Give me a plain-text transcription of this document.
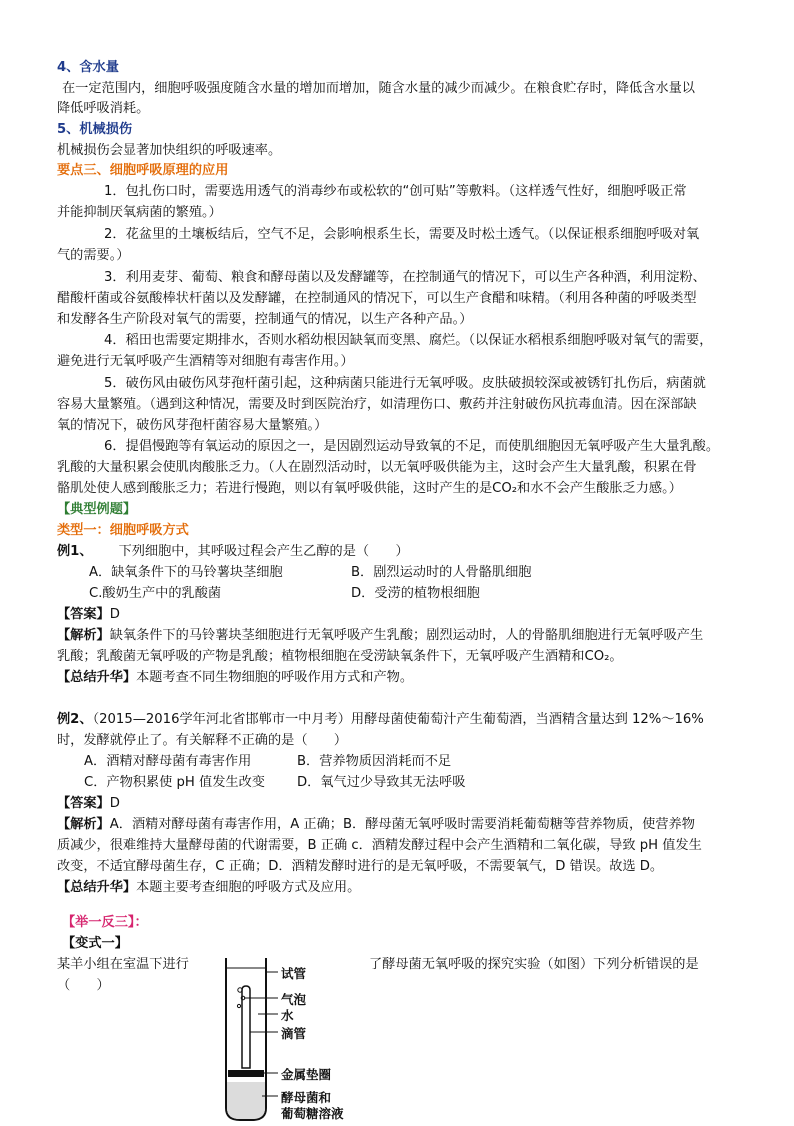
4、含水量
在一定范围内，细胞呼吸强度随含水量的增加而增加，随含水量的减少而减少。在粮食贮存时，降低含水量以
降低呼吸消耗。
5、机械损伤
机械损伤会显著加快组织的呼吸速率。
要点三、细胞呼吸原理的应用
1．包扎伤口时，需要选用透气的消毒纱布或松软的“创可贴”等敷料。（这样透气性好，细胞呼吸正常
并能抑制厌氧病菌的繁殖。）
2．花盆里的土壤板结后，空气不足，会影响根系生长，需要及时松土透气。（以保证根系细胞呼吸对氧
气的需要。）
3．利用麦芽、葡萄、粮食和酵母菌以及发酵罐等，在控制通气的情况下，可以生产各种酒，利用淀粉、
醋酸杆菌或谷氨酸棒状杆菌以及发酵罐，在控制通风的情况下，可以生产食醋和味精。（利用各种菌的呼吸类型
和发酵各生产阶段对氧气的需要，控制通气的情况，以生产各种产品。）
4．稻田也需要定期排水，否则水稻幼根因缺氧而变黑、腐烂。（以保证水稻根系细胞呼吸对氧气的需要，
避免进行无氧呼吸产生酒精等对细胞有毒害作用。）
5．破伤风由破伤风芽孢杆菌引起，这种病菌只能进行无氧呼吸。皮肤破损较深或被锈钉扎伤后，病菌就
容易大量繁殖。（遇到这种情况，需要及时到医院治疗，如清理伤口、敷药并注射破伤风抗毒血清。因在深部缺
氧的情况下，破伤风芽孢杆菌容易大量繁殖。）
6．提倡慢跑等有氧运动的原因之一，是因剧烈运动导致氧的不足，而使肌细胞因无氧呼吸产生大量乳酸。
乳酸的大量积累会使肌肉酸胀乏力。（人在剧烈活动时，以无氧呼吸供能为主，这时会产生大量乳酸，积累在骨
骼肌处使人感到酸胀乏力；若进行慢跑，则以有氧呼吸供能，这时产生的是CO₂和水不会产生酸胀乏力感。）
【典型例题】
类型一：细胞呼吸方式
例1、 下列细胞中，其呼吸过程会产生乙醇的是（　　）
A．缺氧条件下的马铃薯块茎细胞	B．剧烈运动时的人骨骼肌细胞
C.酸奶生产中的乳酸菌	D．受涝的植物根细胞
【答案】D
【解析】缺氧条件下的马铃薯块茎细胞进行无氧呼吸产生乳酸；剧烈运动时，人的骨骼肌细胞进行无氧呼吸产生
乳酸；乳酸菌无氧呼吸的产物是乳酸；植物根细胞在受涝缺氧条件下，无氧呼吸产生酒精和CO₂。
【总结升华】本题考查不同生物细胞的呼吸作用方式和产物。
例2、（2015—2016学年河北省邯郸市一中月考）用酵母菌使葡萄汁产生葡萄酒，当酒精含量达到 12%～16%
时，发酵就停止了。有关解释不正确的是（　　）
A．酒精对酵母菌有毒害作用	B．营养物质因消耗而不足
C．产物积累使 pH 值发生改变	D．氧气过少导致其无法呼吸
【答案】D
【解析】A．酒精对酵母菌有毒害作用，A 正确；B．酵母菌无氧呼吸时需要消耗葡萄糖等营养物质，使营养物
质减少，很难维持大量酵母菌的代谢需要，B 正确 c．酒精发酵过程中会产生酒精和二氧化碳，导致 pH 值发生
改变，不适宜酵母菌生存，C 正确；D．酒精发酵时进行的是无氧呼吸，不需要氧气，D 错误。故选 D。
【总结升华】本题主要考查细胞的呼吸方式及应用。
【举一反三】：
【变式一】
某羊小组在室温下进行	了酵母菌无氧呼吸的探究实验（如图）下列分析错误的是
（　　）
试管
气泡
水
滴管
金属垫圈
酵母菌和
葡萄糖溶液
